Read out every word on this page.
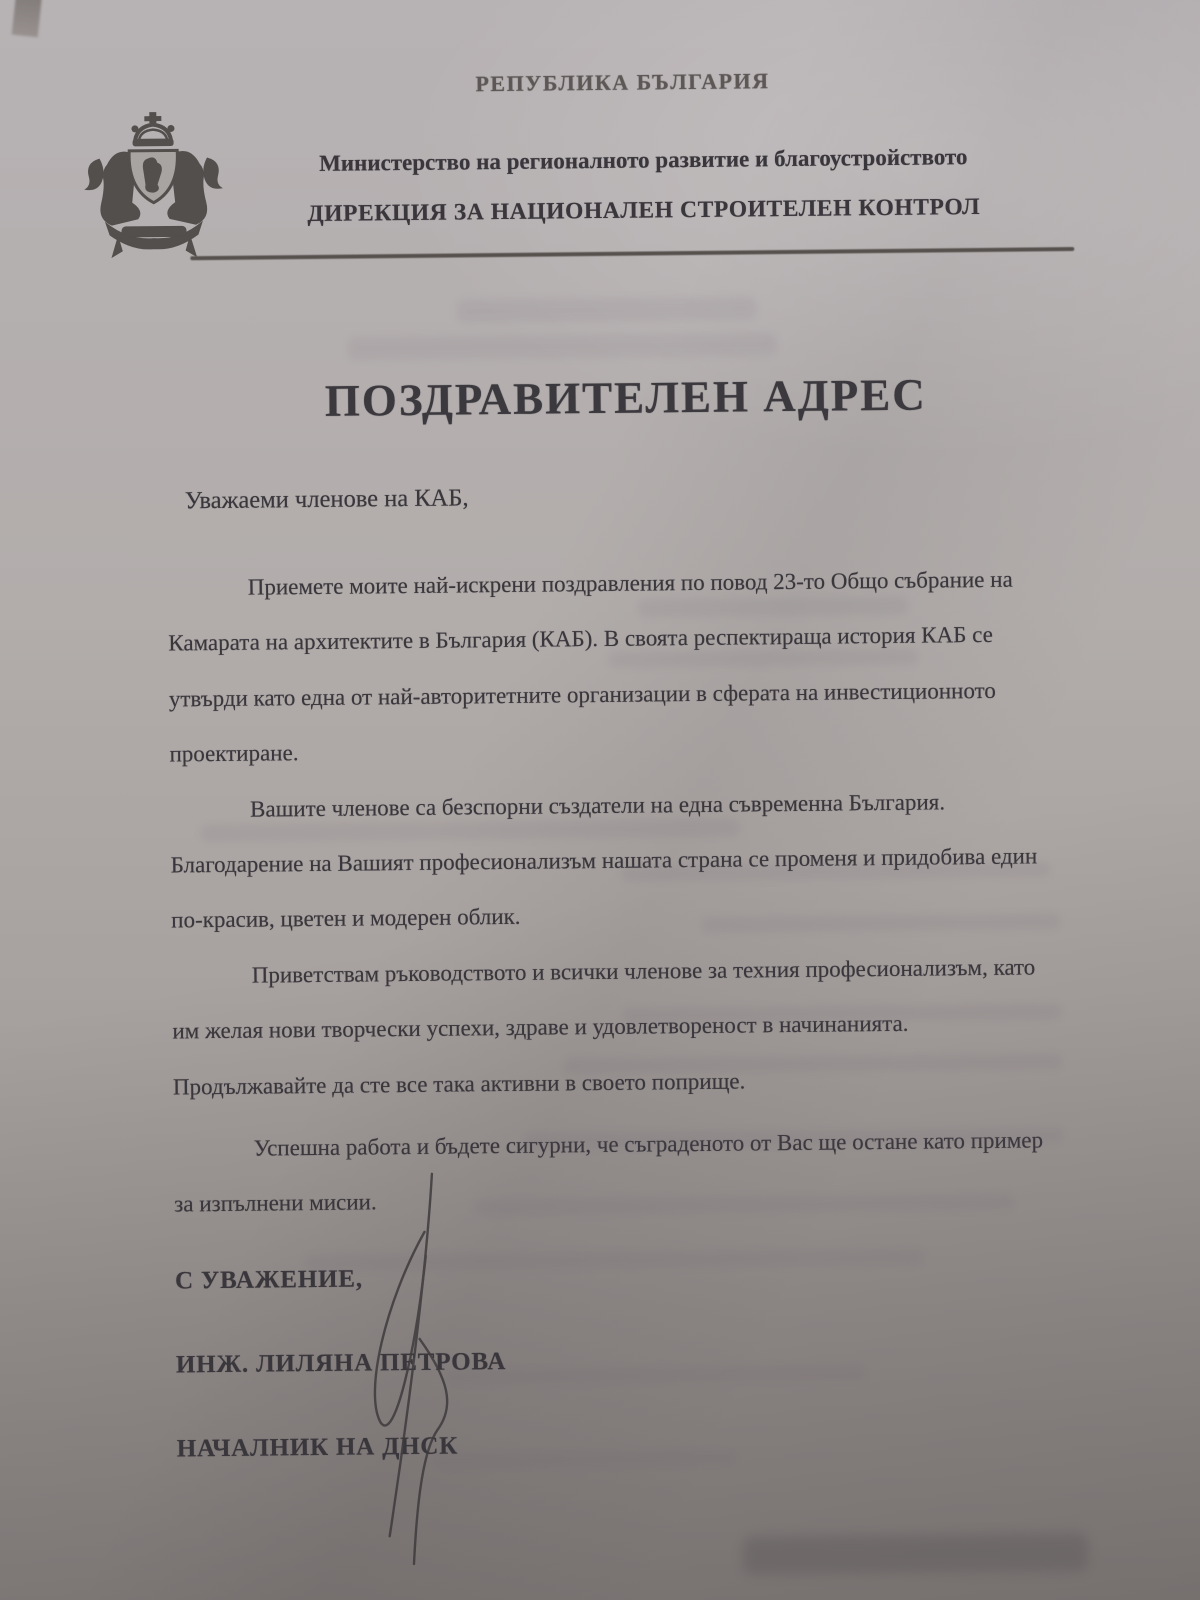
РЕПУБЛИКА БЪЛГАРИЯ
Министерство на регионалното развитие и благоустройството
ДИРЕКЦИЯ ЗА НАЦИОНАЛЕН СТРОИТЕЛЕН КОНТРОЛ
ПОЗДРАВИТЕЛЕН АДРЕС
Уважаеми членове на КАБ,
Приемете моите най-искрени поздравления по повод 23-то Общо събрание на
Камарата на архитектите в България (КАБ). В своята респектираща история КАБ се
утвърди като една от най-авторитетните организации в сферата на инвестиционното
проектиране.
Вашите членове са безспорни създатели на една съвременна България.
Благодарение на Вашият професионализъм нашата страна се променя и придобива един
по-красив, цветен и модерен облик.
Приветствам ръководството и всички членове за техния професионализъм, като
им желая нови творчески успехи, здраве и удовлетвореност в начинанията.
Продължавайте да сте все така активни в своето поприще.
Успешна работа и бъдете сигурни, че съграденото от Вас ще остане като пример
за изпълнени мисии.
С УВАЖЕНИЕ,
ИНЖ. ЛИЛЯНА ПЕТРОВА
НАЧАЛНИК НА ДНСК
